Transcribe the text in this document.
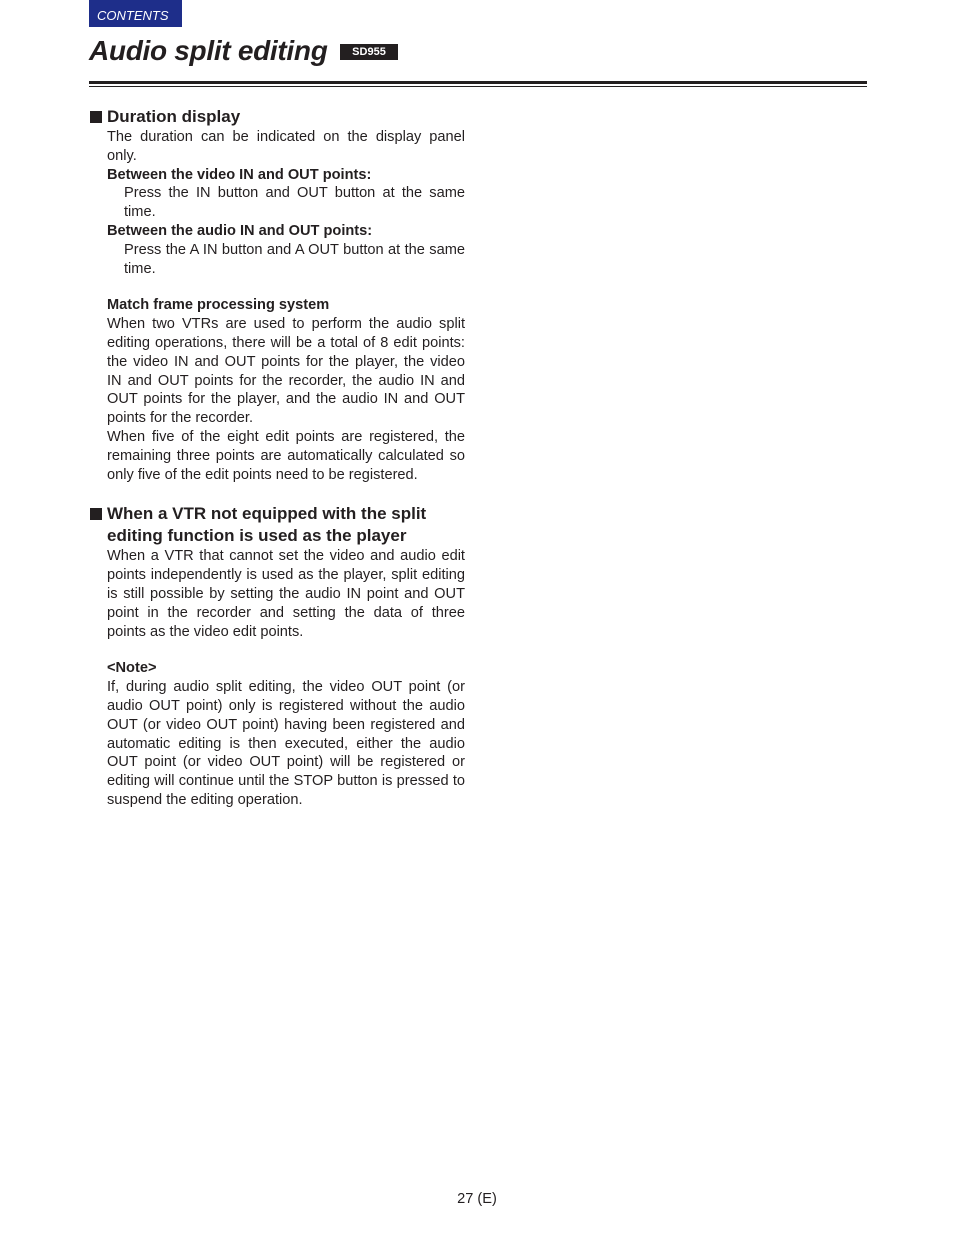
CONTENTS
Audio split editing	SD955
Duration display

The duration can be indicated on the display panel only.

Between the video IN and OUT points:

Press the IN button and OUT button at the same time.

Between the audio IN and OUT points:

Press the A IN button and A OUT button at the same time.

Match frame processing system

When two VTRs are used to perform the audio split editing operations, there will be a total of 8 edit points: the video IN and OUT points for the player, the video IN and OUT points for the recorder, the audio IN and OUT points for the player, and the audio IN and OUT points for the recorder.

When five of the eight edit points are registered, the remaining three points are automatically calculated so only five of the edit points need to be registered.

When a VTR not equipped with the split editing function is used as the player

When a VTR that cannot set the video and audio edit points independently is used as the player, split editing is still possible by setting the audio IN point and OUT point in the recorder and setting the data of three points as the video edit points.

<Note>

If, during audio split editing, the video OUT point (or audio OUT point) only is registered without the audio OUT (or video OUT point) having been registered and automatic editing is then executed, either the audio OUT point (or video OUT point) will be registered or editing will continue until the STOP button is pressed to suspend the editing operation.

27 (E)
